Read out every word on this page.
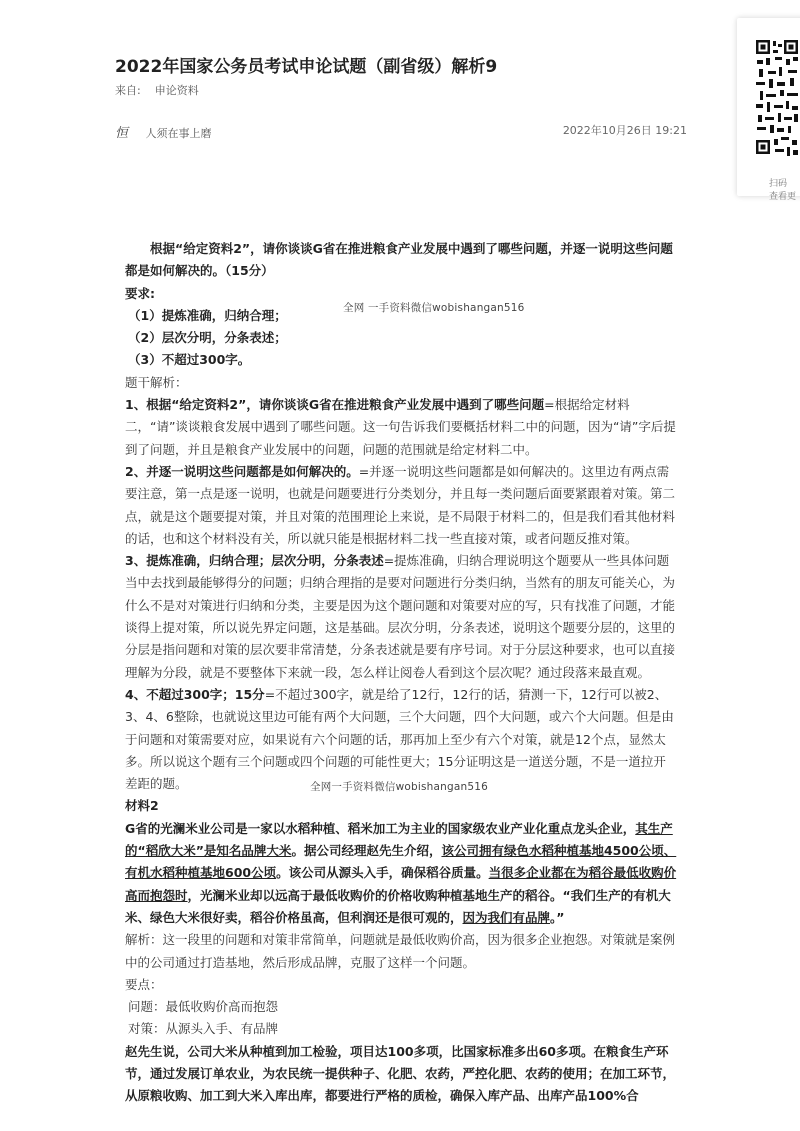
2022年国家公务员考试申论试题（副省级）解析9
来自: 申论资料
恒 人须在事上磨	2022年10月26日 19:21
扫码
查看更

根据“给定资料2”，请你谈谈G省在推进粮食产业发展中遇到了哪些问题，并逐一说明这些问题都是如何解决的。（15分）

要求:

（1）提炼准确，归纳合理；

（2）层次分明，分条表述；

（3）不超过300字。

题干解析：

1、根据“给定资料2”，请你谈谈G省在推进粮食产业发展中遇到了哪些问题=根据给定材料二，“请”谈谈粮食发展中遇到了哪些问题。这一句告诉我们要概括材料二中的问题，因为“请”字后提到了问题，并且是粮食产业发展中的问题，问题的范围就是给定材料二中。

2、并逐一说明这些问题都是如何解决的。=并逐一说明这些问题都是如何解决的。这里边有两点需要注意，第一点是逐一说明，也就是问题要进行分类划分，并且每一类问题后面要紧跟着对策。第二点，就是这个题要提对策，并且对策的范围理论上来说，是不局限于材料二的，但是我们看其他材料的话，也和这个材料没有关，所以就只能是根据材料二找一些直接对策，或者问题反推对策。

3、提炼准确，归纳合理；层次分明，分条表述=提炼准确，归纳合理说明这个题要从一些具体问题当中去找到最能够得分的问题；归纳合理指的是要对问题进行分类归纳，当然有的朋友可能关心，为什么不是对对策进行归纳和分类，主要是因为这个题问题和对策要对应的写，只有找准了问题，才能谈得上提对策，所以说先界定问题，这是基础。层次分明，分条表述，说明这个题要分层的，这里的分层是指问题和对策的层次要非常清楚，分条表述就是要有序号词。对于分层这种要求，也可以直接理解为分段，就是不要整体下来就一段，怎么样让阅卷人看到这个层次呢？通过段落来最直观。

4、不超过300字；15分=不超过300字，就是给了12行，12行的话，猜测一下，12行可以被2、3、4、6整除，也就说这里边可能有两个大问题，三个大问题，四个大问题，或六个大问题。但是由于问题和对策需要对应，如果说有六个问题的话，那再加上至少有六个对策，就是12个点，显然太多。所以说这个题有三个问题或四个问题的可能性更大；15分证明这是一道送分题，不是一道拉开差距的题。

材料2

G省的光澜米业公司是一家以水稻种植、稻米加工为主业的国家级农业产业化重点龙头企业，其生产的“稻欣大米”是知名品牌大米。据公司经理赵先生介绍，该公司拥有绿色水稻种植基地4500公顷、有机水稻种植基地600公顷。该公司从源头入手，确保稻谷质量。当很多企业都在为稻谷最低收购价高而抱怨时，光澜米业却以远高于最低收购价的价格收购种植基地生产的稻谷。“我们生产的有机大米、绿色大米很好卖，稻谷价格虽高，但利润还是很可观的，因为我们有品牌。”

解析：这一段里的问题和对策非常简单，问题就是最低收购价高，因为很多企业抱怨。对策就是案例中的公司通过打造基地，然后形成品牌，克服了这样一个问题。

要点：

问题：最低收购价高而抱怨

对策：从源头入手、有品牌

赵先生说，公司大米从种植到加工检验，项目达100多项，比国家标准多出60多项。在粮食生产环节，通过发展订单农业，为农民统一提供种子、化肥、农药，严控化肥、农药的使用；在加工环节，从原粮收购、加工到大米入库出库，都要进行严格的质检，确保入库产品、出库产品100%合

全网 一手资料微信wobishangan516
全网一手资料微信wobishangan516
